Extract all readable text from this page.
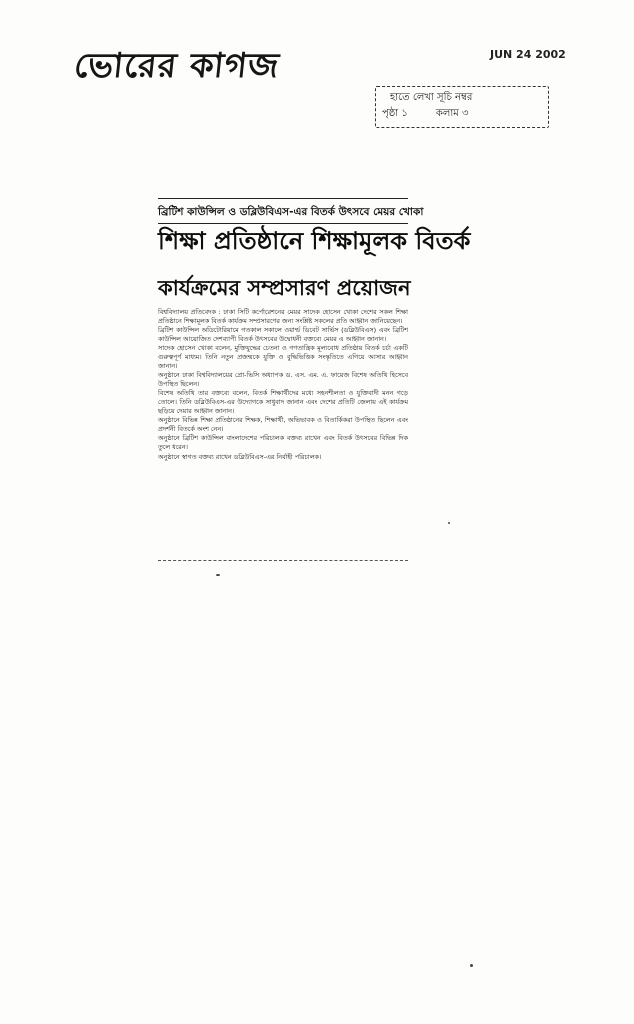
ভোরের কাগজ	JUN 24 2002
হাতে লেখা সূচি নম্বর
পৃষ্ঠা ১	কলাম ৩
ব্রিটিশ কাউন্সিল ও ডব্লিউবিএস-এর বিতর্ক উৎসবে মেয়র খোকা
শিক্ষা প্রতিষ্ঠানে শিক্ষামূলক বিতর্ক
কার্যক্রমের সম্প্রসারণ প্রয়োজন

বিশ্ববিদ্যালয় প্রতিবেদক : ঢাকা সিটি কর্পোরেশনের মেয়র সাদেক হোসেন খোকা দেশের সকল শিক্ষা প্রতিষ্ঠানে শিক্ষামূলক বিতর্ক কার্যক্রম সম্প্রসারণের জন্য সংশ্লিষ্ট সকলের প্রতি আহ্বান জানিয়েছেন।

ব্রিটিশ কাউন্সিল অডিটোরিয়ামে গতকাল সকালে ওয়ার্ল্ড ডিবেট সার্ভিস (ডব্লিউবিএস) এবং ব্রিটিশ কাউন্সিল আয়োজিত দেশব্যাপী বিতর্ক উৎসবের উদ্বোধনী বক্তব্যে মেয়র এ আহ্বান জানান।

সাদেক হোসেন খোকা বলেন, মুক্তিযুদ্ধের চেতনা ও গণতান্ত্রিক মূল্যবোধ প্রতিষ্ঠায় বিতর্ক চর্চা একটি গুরুত্বপূর্ণ মাধ্যম। তিনি নতুন প্রজন্মকে যুক্তি ও বুদ্ধিভিত্তিক সংস্কৃতিতে এগিয়ে আসার আহ্বান জানান।

অনুষ্ঠানে ঢাকা বিশ্ববিদ্যালয়ের প্রো-ভিসি অধ্যাপক ড. এস. এম. এ. ফায়েজ বিশেষ অতিথি হিসেবে উপস্থিত ছিলেন।

বিশেষ অতিথি তার বক্তব্যে বলেন, বিতর্ক শিক্ষার্থীদের মধ্যে সহনশীলতা ও যুক্তিবাদী মনন গড়ে তোলে। তিনি ডব্লিউবিএস-এর উদ্যোগকে সাধুবাদ জানান এবং দেশের প্রতিটি জেলায় এই কার্যক্রম ছড়িয়ে দেয়ার আহ্বান জানান।

অনুষ্ঠানে বিভিন্ন শিক্ষা প্রতিষ্ঠানের শিক্ষক, শিক্ষার্থী, অভিভাবক ও বিতার্কিকরা উপস্থিত ছিলেন এবং প্রদর্শনী বিতর্কে অংশ নেন।

অনুষ্ঠানে ব্রিটিশ কাউন্সিল বাংলাদেশের পরিচালক বক্তব্য রাখেন এবং বিতর্ক উৎসবের বিভিন্ন দিক তুলে ধরেন।

অনুষ্ঠানে স্বাগত বক্তব্য রাখেন ডব্লিউবিএস-এর নির্বাহী পরিচালক।
